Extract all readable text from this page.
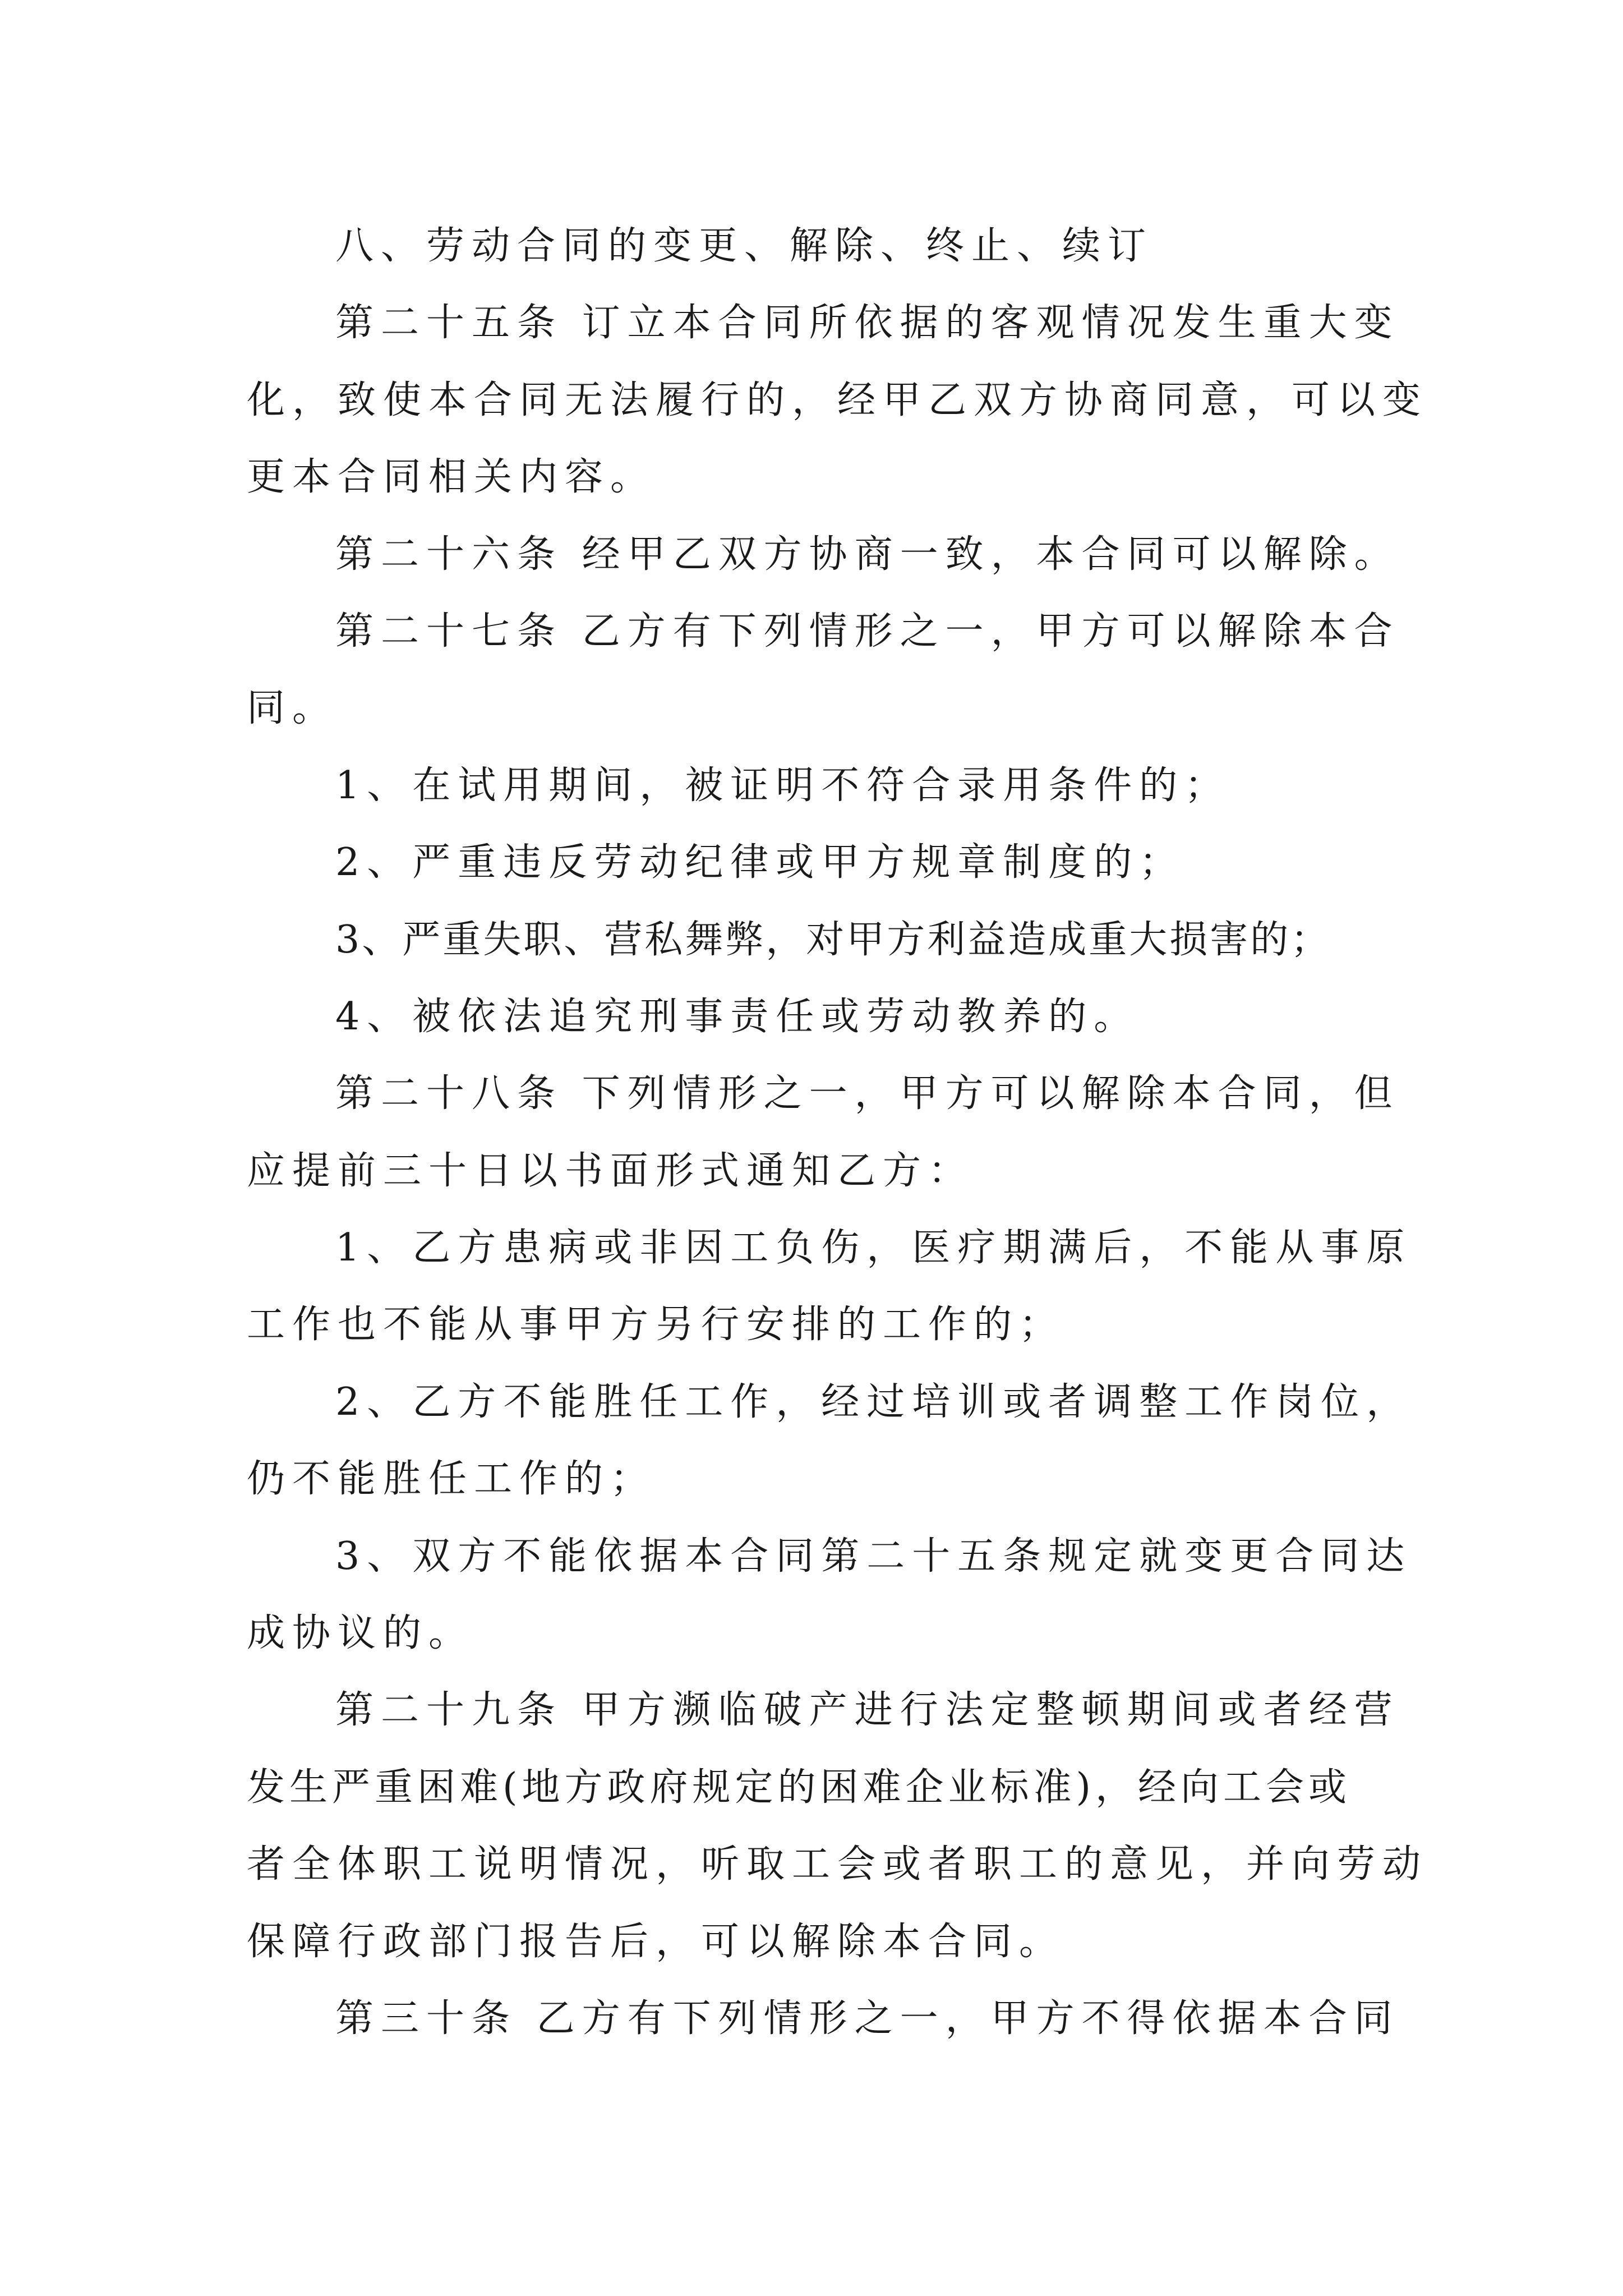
八、劳动合同的变更、解除、终止、续订
第二十五条 订立本合同所依据的客观情况发生重大变
化，致使本合同无法履行的，经甲乙双方协商同意，可以变
更本合同相关内容。
第二十六条 经甲乙双方协商一致，本合同可以解除。
第二十七条 乙方有下列情形之一，甲方可以解除本合
同。
1、在试用期间，被证明不符合录用条件的；
2、严重违反劳动纪律或甲方规章制度的；
3、严重失职、营私舞弊，对甲方利益造成重大损害的；
4、被依法追究刑事责任或劳动教养的。
第二十八条 下列情形之一，甲方可以解除本合同，但
应提前三十日以书面形式通知乙方：
1、乙方患病或非因工负伤，医疗期满后，不能从事原
工作也不能从事甲方另行安排的工作的；
2、乙方不能胜任工作，经过培训或者调整工作岗位，
仍不能胜任工作的；
3、双方不能依据本合同第二十五条规定就变更合同达
成协议的。
第二十九条 甲方濒临破产进行法定整顿期间或者经营
发生严重困难(地方政府规定的困难企业标准)，经向工会或
者全体职工说明情况，听取工会或者职工的意见，并向劳动
保障行政部门报告后，可以解除本合同。
第三十条 乙方有下列情形之一，甲方不得依据本合同
